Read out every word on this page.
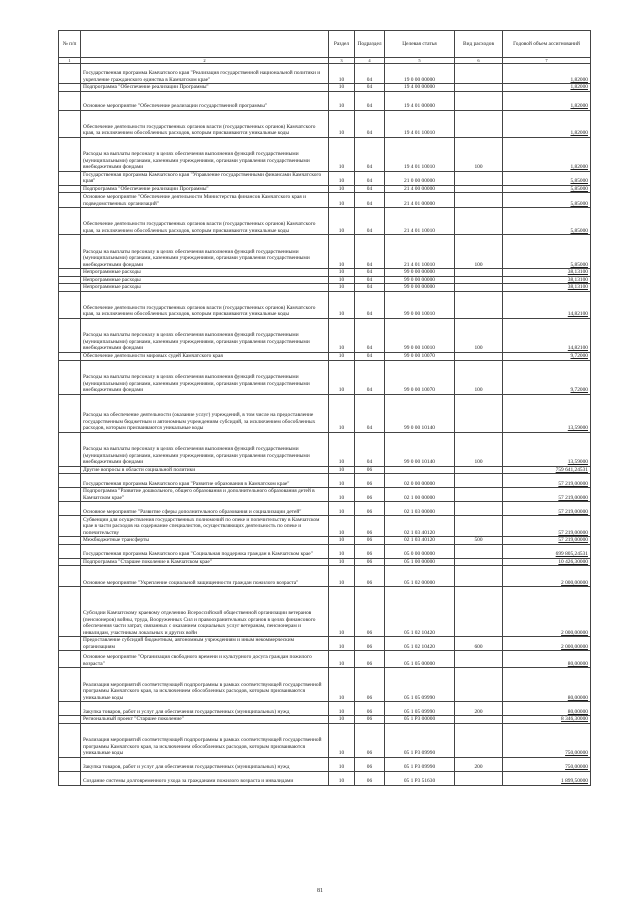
№ п/п		Раздел	Подраздел	Целевая статья	Вид расходов	Годовой объем ассигнований
1	2	3	4	5	6	7
	Государственная программа Камчатского края "Реализация государственной национальной политики и укрепление гражданского единства в Камчатском крае"	10	04	19 0 00 00000		1,82000
	Подпрограмма "Обеспечение реализации Программы"	10	04	19 4 00 00000		1,82000
	Основное мероприятие "Обеспечение реализации государственной программы"	10	04	19 4 01 00000		1,82000
	Обеспечение деятельности государственных органов власти (государственных органов) Камчатского края, за исключением обособленных расходов, которым присваиваются уникальные коды	10	04	19 4 01 10010		1,82000
	Расходы на выплаты персоналу в целях обеспечения выполнения функций государственными (муниципальными) органами, казенными учреждениями, органами управления государственными внебюджетными фондами	10	04	19 4 01 10010	100	1,82000
	Государственная программа Камчатского края "Управление государственными финансами Камчатского края"	10	04	21 0 00 00000		5,85000
	Подпрограмма "Обеспечение реализации Программы"	10	04	21 4 00 00000		5,85000
	Основное мероприятие "Обеспечение деятельности Министерства финансов Камчатского края и подведомственных организаций"	10	04	21 4 01 00000		5,85000
	Обеспечение деятельности государственных органов власти (государственных органов) Камчатского края, за исключением обособленных расходов, которым присваиваются уникальные коды	10	04	21 4 01 10010		5,85000
	Расходы на выплаты персоналу в целях обеспечения выполнения функций государственными (муниципальными) органами, казенными учреждениями, органами управления государственными внебюджетными фондами	10	04	21 4 01 10010	100	5,85000
	Непрограммные расходы	10	04	99 0 00 00000		38,13100
	Непрограммные расходы	10	04	99 0 00 00000		38,13100
	Непрограммные расходы	10	04	99 0 00 00000		38,13100
	Обеспечение деятельности государственных органов власти (государственных органов) Камчатского края, за исключением обособленных расходов, которым присваиваются уникальные коды	10	04	99 0 00 10010		14,82100
	Расходы на выплаты персоналу в целях обеспечения выполнения функций государственными (муниципальными) органами, казенными учреждениями, органами управления государственными внебюджетными фондами	10	04	99 0 00 10010	100	14,82100
	Обеспечение деятельности мировых судей Камчатского края	10	04	99 0 00 10070		9,72000
	Расходы на выплаты персоналу в целях обеспечения выполнения функций государственными (муниципальными) органами, казенными учреждениями, органами управления государственными внебюджетными фондами	10	04	99 0 00 10070	100	9,72000
	Расходы на обеспечение деятельности (оказание услуг) учреждений, в том числе на предоставление государственным бюджетным и автономным учреждениям субсидий, за исключением обособленных расходов, которым присваиваются уникальные коды	10	04	99 0 00 10140		13,59000
	Расходы на выплаты персоналу в целях обеспечения выполнения функций государственными (муниципальными) органами, казенными учреждениями, органами управления государственными внебюджетными фондами	10	04	99 0 00 10140	100	13,59000
	Другие вопросы в области социальной политики	10	06			759 641,24531
	Государственная программа Камчатского края "Развитие образования в Камчатском крае"	10	06	02 0 00 00000		57 219,00000
	Подпрограмма "Развитие дошкольного, общего образования и дополнительного образования детей в Камчатском крае"	10	06	02 1 00 00000		57 219,00000
	Основное мероприятие "Развитие сферы дополнительного образования и социализации детей"	10	06	02 1 03 00000		57 219,00000
	Субвенции для осуществления государственных полномочий по опеке и попечительству в Камчатском крае в части расходов на содержание специалистов, осуществляющих деятельность по опеке и попечительству	10	06	02 1 03 40120		57 219,00000
	Межбюджетные трансферты	10	06	02 1 03 40120	500	57 219,00000
	Государственная программа Камчатского края "Социальная поддержка граждан в Камчатском крае"	10	06	05 0 00 00000		699 805,24531
	Подпрограмма "Старшее поколение в Камчатском крае"	10	06	05 1 00 00000		10 426,30000
	Основное мероприятие "Укрепление социальной защищенности граждан пожилого возраста"	10	06	05 1 02 00000		2 000,00000
	Субсидии Камчатскому краевому отделению Всероссийской общественной организации ветеранов (пенсионеров) войны, труда, Вооруженных Сил и правоохранительных органов в целях финансового обеспечения части затрат, связанных с оказанием социальных услуг ветеранам, пенсионерам и инвалидам, участникам локальных и других войн	10	06	05 1 02 10420		2 000,00000
	Предоставление субсидий бюджетным, автономным учреждениям и иным некоммерческим организациям	10	06	05 1 02 10420	600	2 000,00000
	Основное мероприятие "Организация свободного времени и культурного досуга граждан пожилого возраста"	10	06	05 1 05 00000		80,00000
	Реализация мероприятий соответствующей подпрограммы в рамках соответствующей государственной программы Камчатского края, за исключением обособленных расходов, которым присваиваются уникальные коды	10	06	05 1 05 09990		80,00000
	Закупка товаров, работ и услуг для обеспечения государственных (муниципальных) нужд	10	06	05 1 05 09990	200	80,00000
	Региональный проект "Старшее поколение"	10	06	05 1 P3 00000		8 346,30000
	Реализация мероприятий соответствующей подпрограммы в рамках соответствующей государственной программы Камчатского края, за исключением обособленных расходов, которым присваиваются уникальные коды	10	06	05 1 P3 09990		750,00000
	Закупка товаров, работ и услуг для обеспечения государственных (муниципальных) нужд	10	06	05 1 P3 09990	200	750,00000
	Создание системы долговременного ухода за гражданами пожилого возраста и инвалидами	10	06	05 1 P3 51630		1 899,50000
81
